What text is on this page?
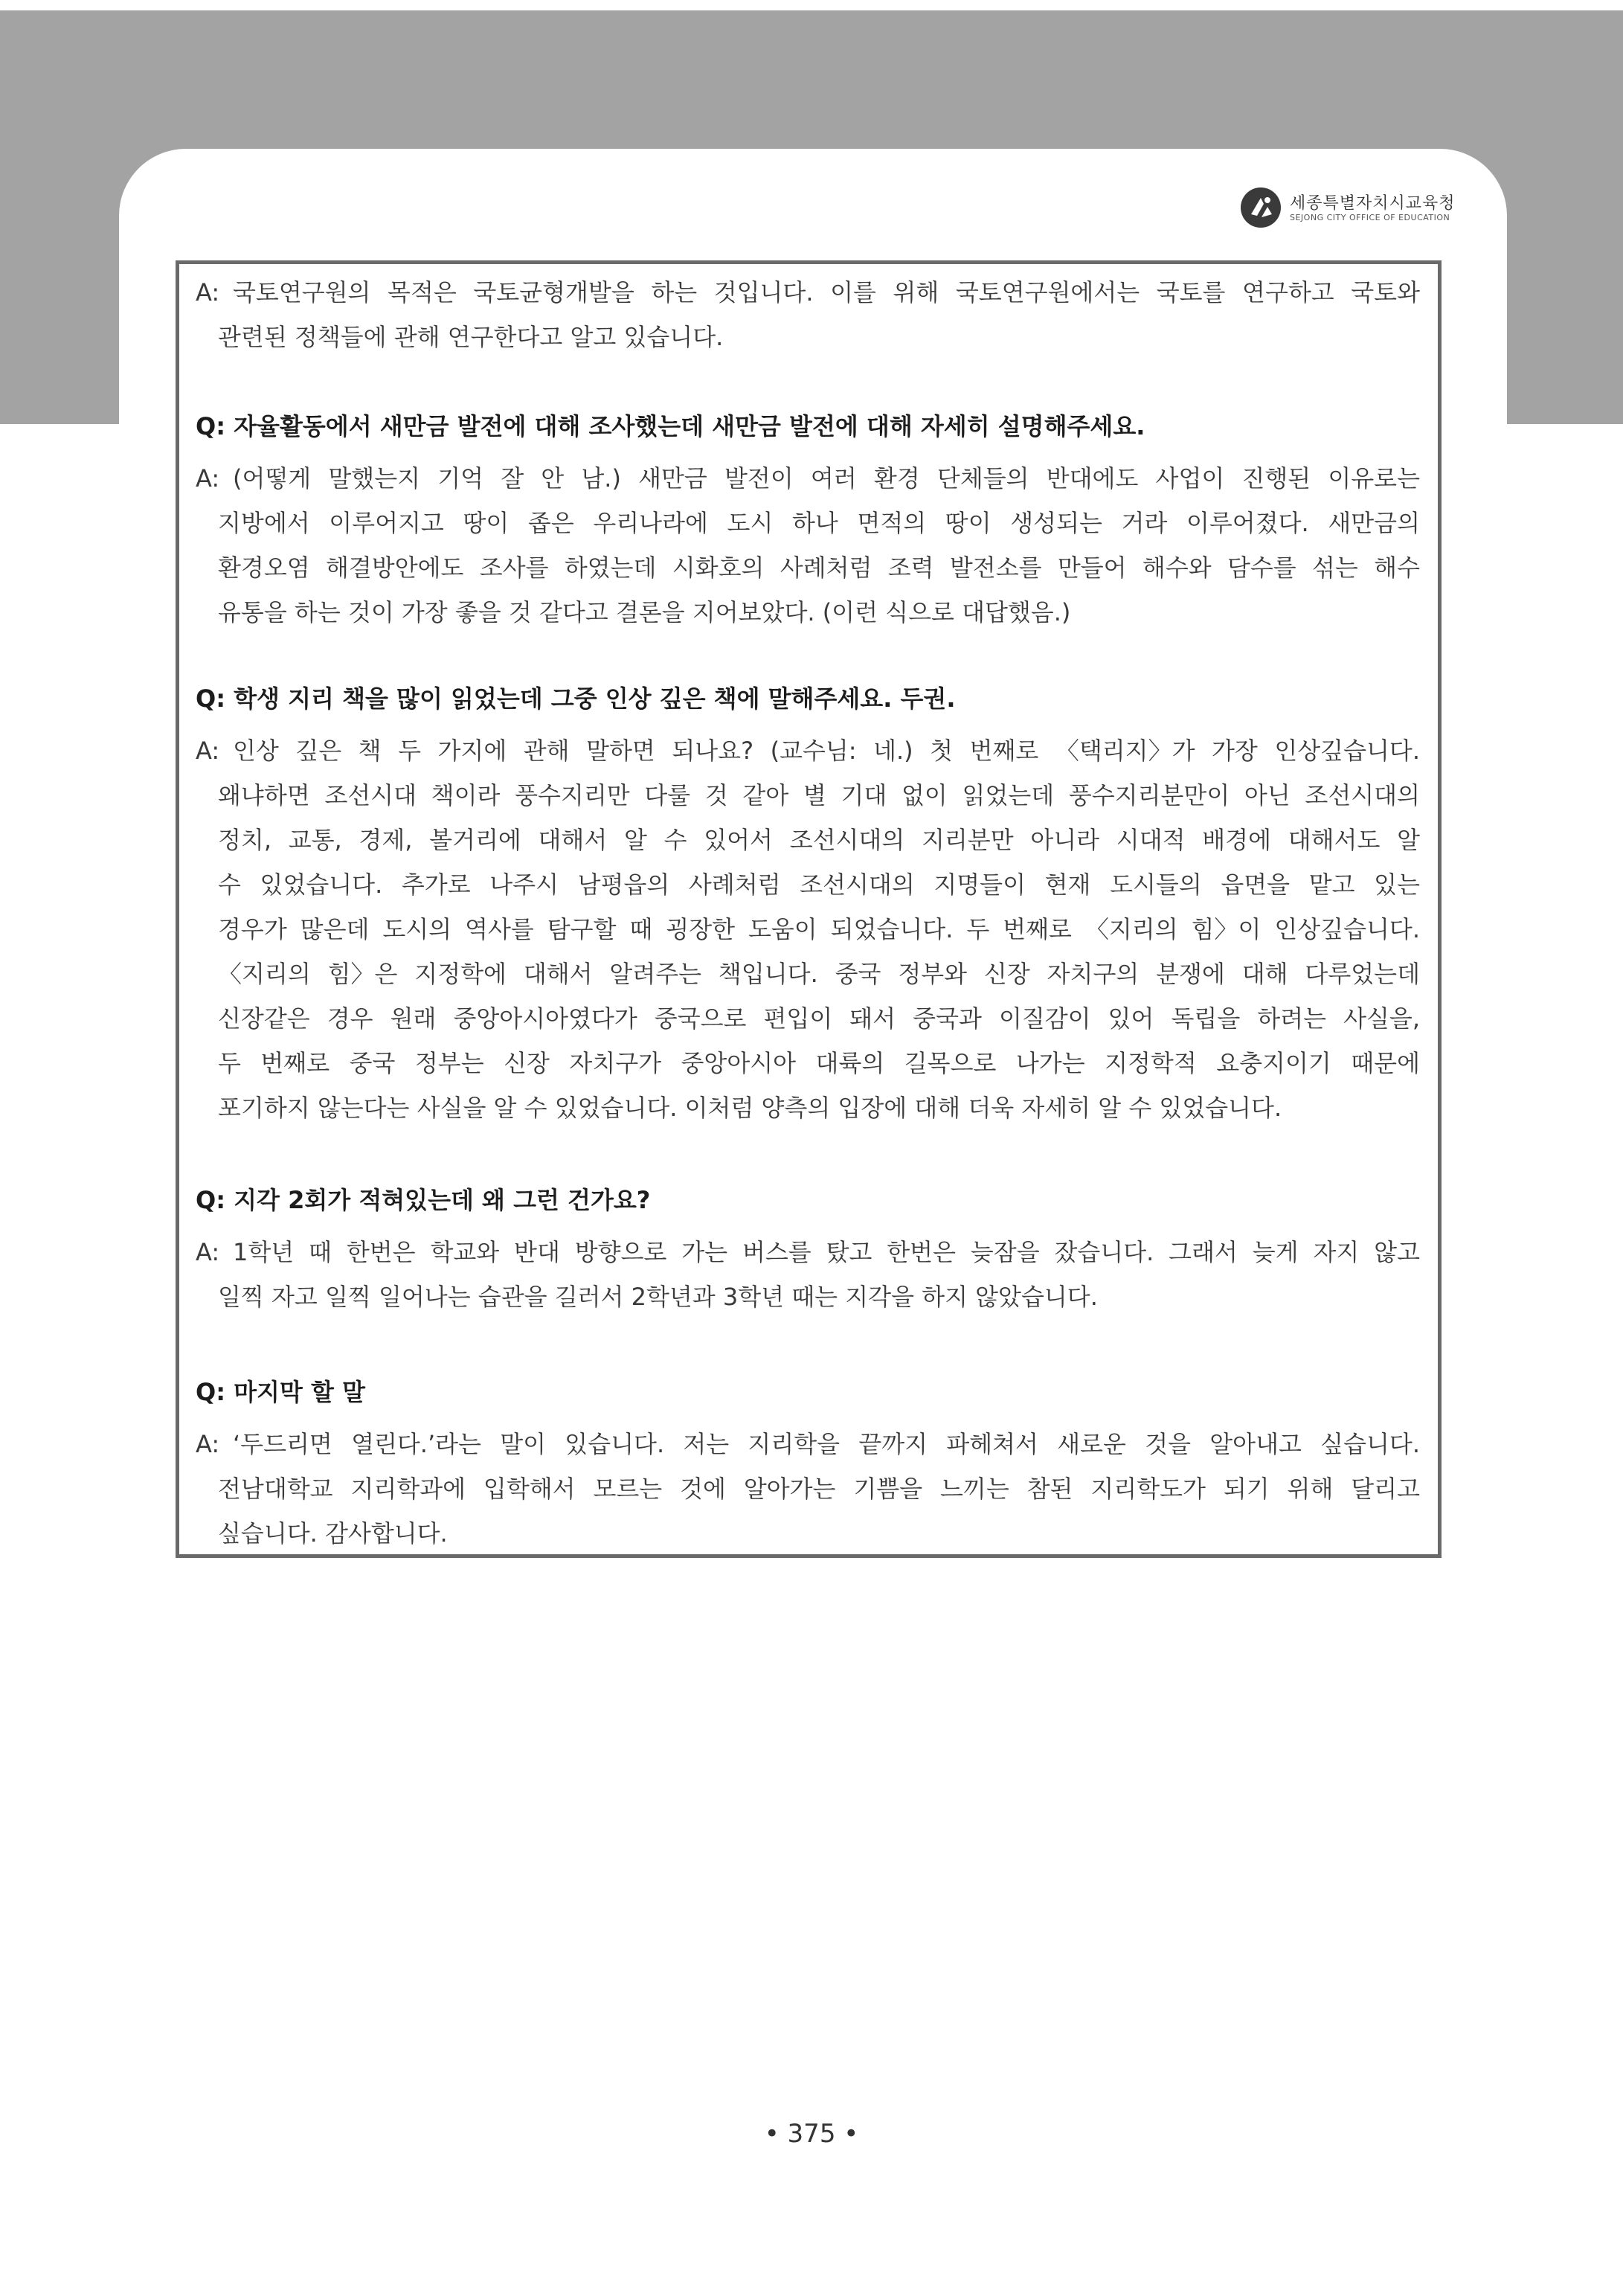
세종특별자치시교육청
SEJONG CITY OFFICE OF EDUCATION
A: 국토연구원의 목적은 국토균형개발을 하는 것입니다. 이를 위해 국토연구원에서는 국토를 연구하고 국토와
관련된 정책들에 관해 연구한다고 알고 있습니다.
Q: 자율활동에서 새만금 발전에 대해 조사했는데 새만금 발전에 대해 자세히 설명해주세요.
A: (어떻게 말했는지 기억 잘 안 남.) 새만금 발전이 여러 환경 단체들의 반대에도 사업이 진행된 이유로는
지방에서 이루어지고 땅이 좁은 우리나라에 도시 하나 면적의 땅이 생성되는 거라 이루어졌다. 새만금의
환경오염 해결방안에도 조사를 하였는데 시화호의 사례처럼 조력 발전소를 만들어 해수와 담수를 섞는 해수
유통을 하는 것이 가장 좋을 것 같다고 결론을 지어보았다. (이런 식으로 대답했음.)
Q: 학생 지리 책을 많이 읽었는데 그중 인상 깊은 책에 말해주세요. 두권.
A: 인상 깊은 책 두 가지에 관해 말하면 되나요? (교수님: 네.) 첫 번째로 〈택리지〉가 가장 인상깊습니다.
왜냐하면 조선시대 책이라 풍수지리만 다룰 것 같아 별 기대 없이 읽었는데 풍수지리분만이 아닌 조선시대의
정치, 교통, 경제, 볼거리에 대해서 알 수 있어서 조선시대의 지리분만 아니라 시대적 배경에 대해서도 알
수 있었습니다. 추가로 나주시 남평읍의 사례처럼 조선시대의 지명들이 현재 도시들의 읍면을 맡고 있는
경우가 많은데 도시의 역사를 탐구할 때 굉장한 도움이 되었습니다. 두 번째로 〈지리의 힘〉이 인상깊습니다.
〈지리의 힘〉은 지정학에 대해서 알려주는 책입니다. 중국 정부와 신장 자치구의 분쟁에 대해 다루었는데
신장같은 경우 원래 중앙아시아였다가 중국으로 편입이 돼서 중국과 이질감이 있어 독립을 하려는 사실을,
두 번째로 중국 정부는 신장 자치구가 중앙아시아 대륙의 길목으로 나가는 지정학적 요충지이기 때문에
포기하지 않는다는 사실을 알 수 있었습니다. 이처럼 양측의 입장에 대해 더욱 자세히 알 수 있었습니다.
Q: 지각 2회가 적혀있는데 왜 그런 건가요?
A: 1학년 때 한번은 학교와 반대 방향으로 가는 버스를 탔고 한번은 늦잠을 잤습니다. 그래서 늦게 자지 않고
일찍 자고 일찍 일어나는 습관을 길러서 2학년과 3학년 때는 지각을 하지 않았습니다.
Q: 마지막 할 말
A: ‘두드리면 열린다.’라는 말이 있습니다. 저는 지리학을 끝까지 파헤쳐서 새로운 것을 알아내고 싶습니다.
전남대학교 지리학과에 입학해서 모르는 것에 알아가는 기쁨을 느끼는 참된 지리학도가 되기 위해 달리고
싶습니다. 감사합니다.
• 375 •
